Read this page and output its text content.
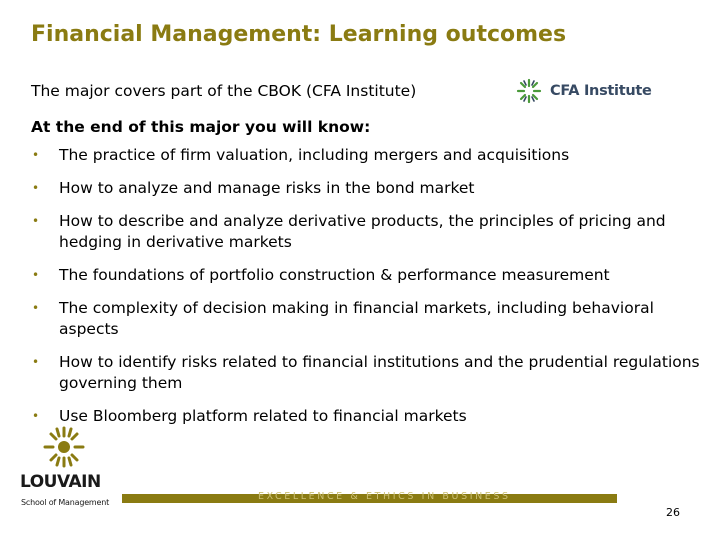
Financial Management: Learning outcomes
The major covers part of the CBOK (CFA Institute)	CFA Institute
At the end of this major you will know:
• The practice of firm valuation, including mergers and acquisitions
• How to analyze and manage risks in the bond market
• How to describe and analyze derivative products, the principles of pricing and hedging in derivative markets
• The foundations of portfolio construction & performance measurement
• The complexity of decision making in financial markets, including behavioral aspects
• How to identify risks related to financial institutions and the prudential regulations governing them
• Use Bloomberg platform related to financial markets
LOUVAIN
School of Management
EXCELLENCE & ETHICS IN BUSINESS
26
